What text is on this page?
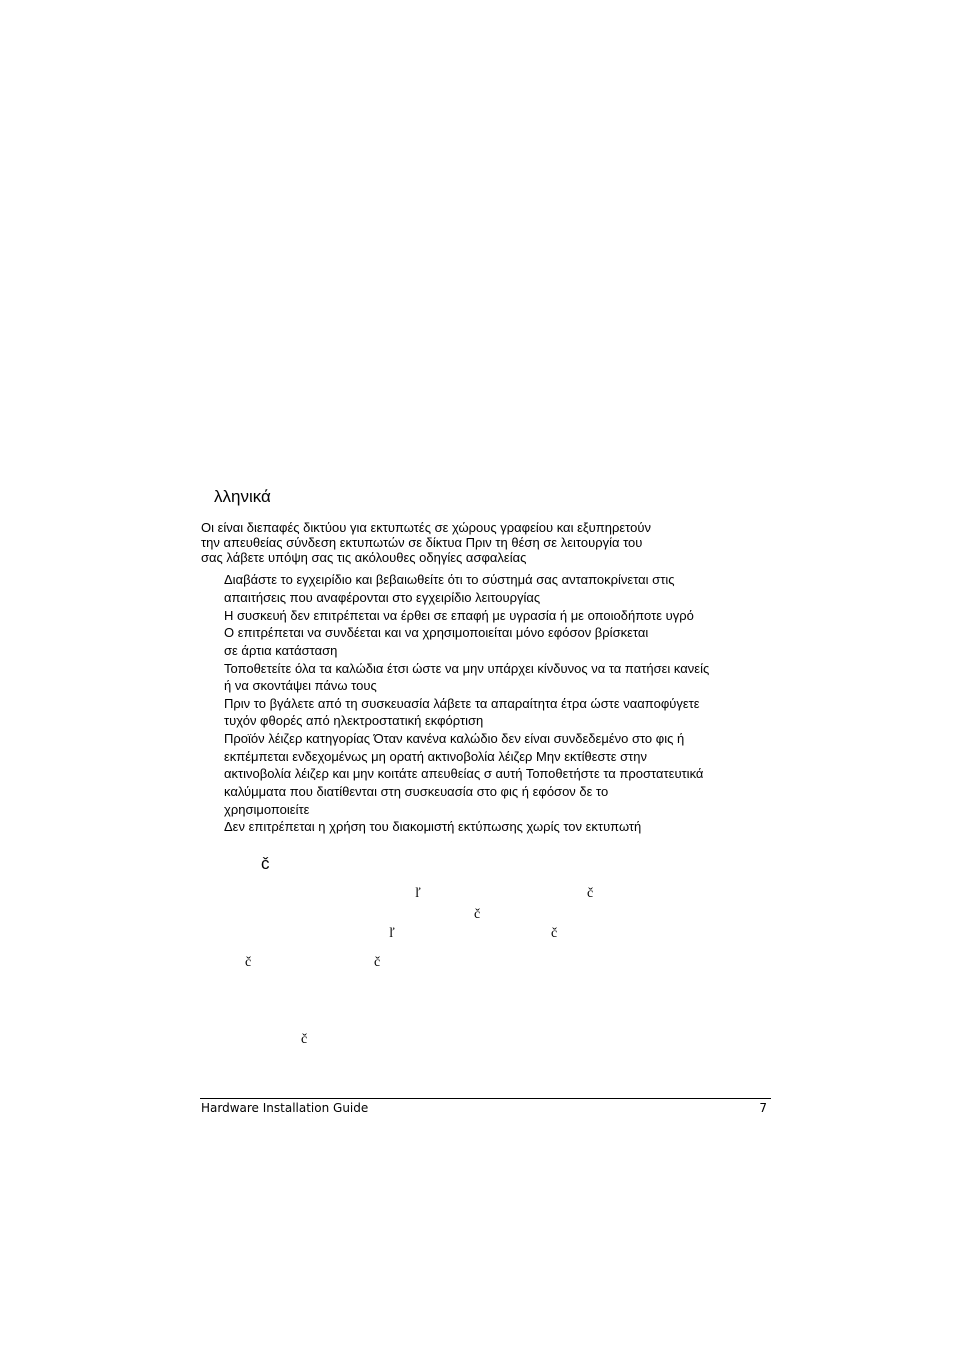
λληνικά
Οι είναι διεπαφές δικτύου για εκτυπωτές σε χώρους γραφείου και εξυπηρετούν
την απευθείας σύνδεση εκτυπωτών σε δίκτυα Πριν τη θέση σε λειτουργία του
σας λάβετε υπόψη σας τις ακόλουθες οδηγίες ασφαλείας
Διαβάστε το εγχειρίδιο και βεβαιωθείτε ότι το σύστημά σας ανταποκρίνεται στις
απαιτήσεις που αναφέρονται στο εγχειρίδιο λειτουργίας
Η συσκευή δεν επιτρέπεται να έρθει σε επαφή με υγρασία ή με οποιοδήποτε υγρό
Ο επιτρέπεται να συνδέεται και να χρησιμοποιείται μόνο εφόσον βρίσκεται
σε άρτια κατάσταση
Τοποθετείτε όλα τα καλώδια έτσι ώστε να μην υπάρχει κίνδυνος να τα πατήσει κανείς
ή να σκοντάψει πάνω τους
Πριν το βγάλετε από τη συσκευασία λάβετε τα απαραίτητα έτρα ώστε νααποφύγετε
τυχόν φθορές από ηλεκτροστατική εκφόρτιση
Προϊόν λέιζερ κατηγορίας Όταν κανένα καλώδιο δεν είναι συνδεδεμένο στο φις ή
εκπέμπεται ενδεχομένως μη ορατή ακτινοβολία λέιζερ Μην εκτίθεστε στην
ακτινοβολία λέιζερ και μην κοιτάτε απευθείας σ αυτή Τοποθετήστε τα προστατευτικά
καλύμματα που διατίθενται στη συσκευασία στο φις ή εφόσον δε το
χρησιμοποιείτε
Δεν επιτρέπεται η χρήση του διακομιστή εκτύπωσης χωρίς τον εκτυπωτή
č
ľ	č
č
ľ	č
č	č
č
Hardware Installation Guide	7
